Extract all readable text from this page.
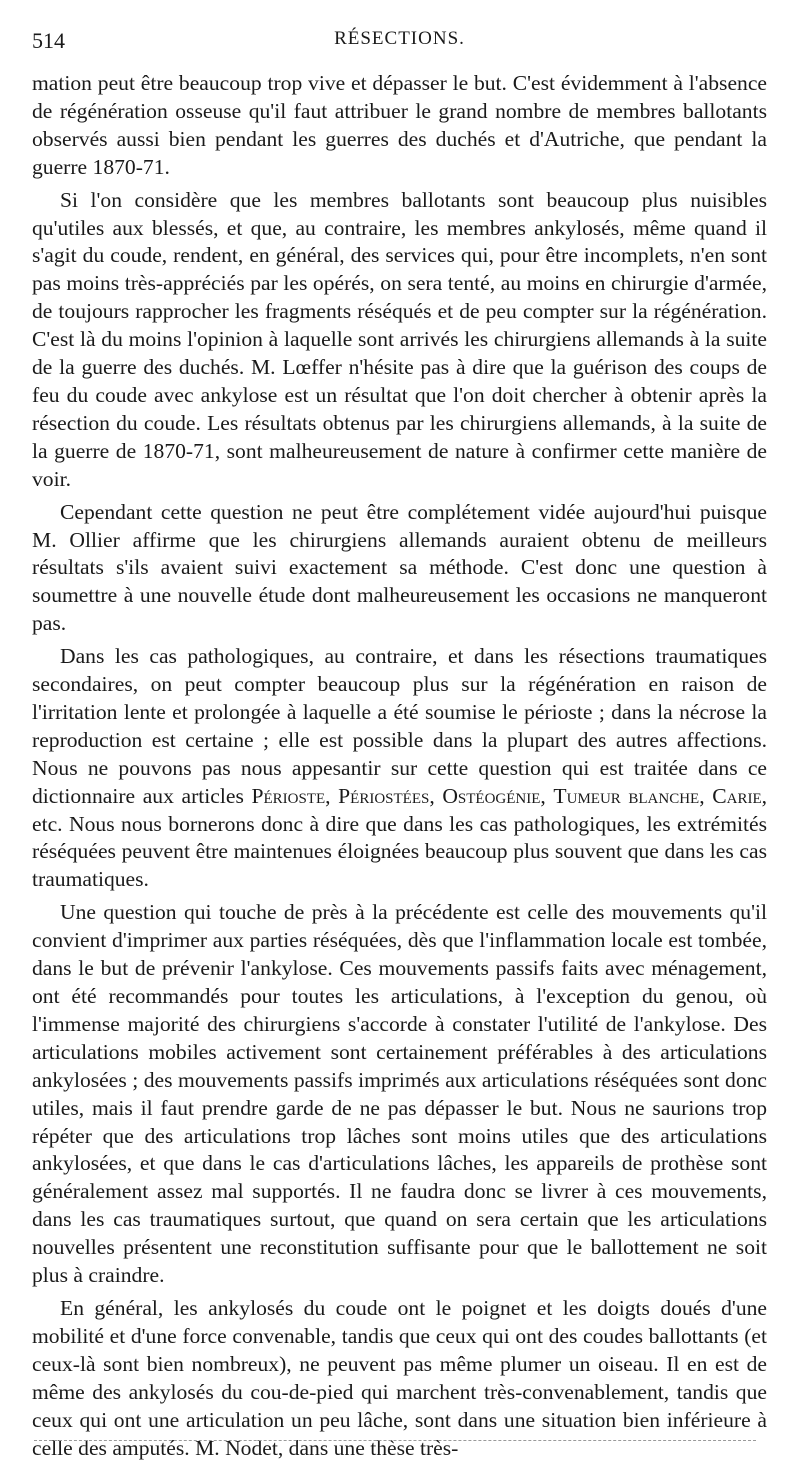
514	RÉSECTIONS.

mation peut être beaucoup trop vive et dépasser le but. C'est évidemment à l'absence de régénération osseuse qu'il faut attribuer le grand nombre de membres ballotants observés aussi bien pendant les guerres des duchés et d'Autriche, que pendant la guerre 1870-71.

Si l'on considère que les membres ballotants sont beaucoup plus nuisibles qu'utiles aux blessés, et que, au contraire, les membres ankylosés, même quand il s'agit du coude, rendent, en général, des services qui, pour être incomplets, n'en sont pas moins très-appréciés par les opérés, on sera tenté, au moins en chirurgie d'armée, de toujours rapprocher les fragments réséqués et de peu compter sur la régénération. C'est là du moins l'opinion à laquelle sont arrivés les chirurgiens allemands à la suite de la guerre des duchés. M. Lœffer n'hésite pas à dire que la guérison des coups de feu du coude avec ankylose est un résultat que l'on doit chercher à obtenir après la résection du coude. Les résultats obtenus par les chirurgiens allemands, à la suite de la guerre de 1870-71, sont malheureusement de nature à confirmer cette manière de voir.

Cependant cette question ne peut être complétement vidée aujourd'hui puisque M. Ollier affirme que les chirurgiens allemands auraient obtenu de meilleurs résultats s'ils avaient suivi exactement sa méthode. C'est donc une question à soumettre à une nouvelle étude dont malheureusement les occasions ne manqueront pas.

Dans les cas pathologiques, au contraire, et dans les résections traumatiques secondaires, on peut compter beaucoup plus sur la régénération en raison de l'irritation lente et prolongée à laquelle a été soumise le périoste ; dans la nécrose la reproduction est certaine ; elle est possible dans la plupart des autres affections. Nous ne pouvons pas nous appesantir sur cette question qui est traitée dans ce dictionnaire aux articles Périoste, Périostées, Ostéogénie, Tumeur blanche, Carie, etc. Nous nous bornerons donc à dire que dans les cas pathologiques, les extrémités réséquées peuvent être maintenues éloignées beaucoup plus souvent que dans les cas traumatiques.

Une question qui touche de près à la précédente est celle des mouvements qu'il convient d'imprimer aux parties réséquées, dès que l'inflammation locale est tombée, dans le but de prévenir l'ankylose. Ces mouvements passifs faits avec ménagement, ont été recommandés pour toutes les articulations, à l'exception du genou, où l'immense majorité des chirurgiens s'accorde à constater l'utilité de l'ankylose. Des articulations mobiles activement sont certainement préférables à des articulations ankylosées ; des mouvements passifs imprimés aux articulations réséquées sont donc utiles, mais il faut prendre garde de ne pas dépasser le but. Nous ne saurions trop répéter que des articulations trop lâches sont moins utiles que des articulations ankylosées, et que dans le cas d'articulations lâches, les appareils de prothèse sont généralement assez mal supportés. Il ne faudra donc se livrer à ces mouvements, dans les cas traumatiques surtout, que quand on sera certain que les articulations nouvelles présentent une reconstitution suffisante pour que le ballottement ne soit plus à craindre.

En général, les ankylosés du coude ont le poignet et les doigts doués d'une mobilité et d'une force convenable, tandis que ceux qui ont des coudes ballottants (et ceux-là sont bien nombreux), ne peuvent pas même plumer un oiseau. Il en est de même des ankylosés du cou-de-pied qui marchent très-convenablement, tandis que ceux qui ont une articulation un peu lâche, sont dans une situation bien inférieure à celle des amputés. M. Nodet, dans une thèse très-
